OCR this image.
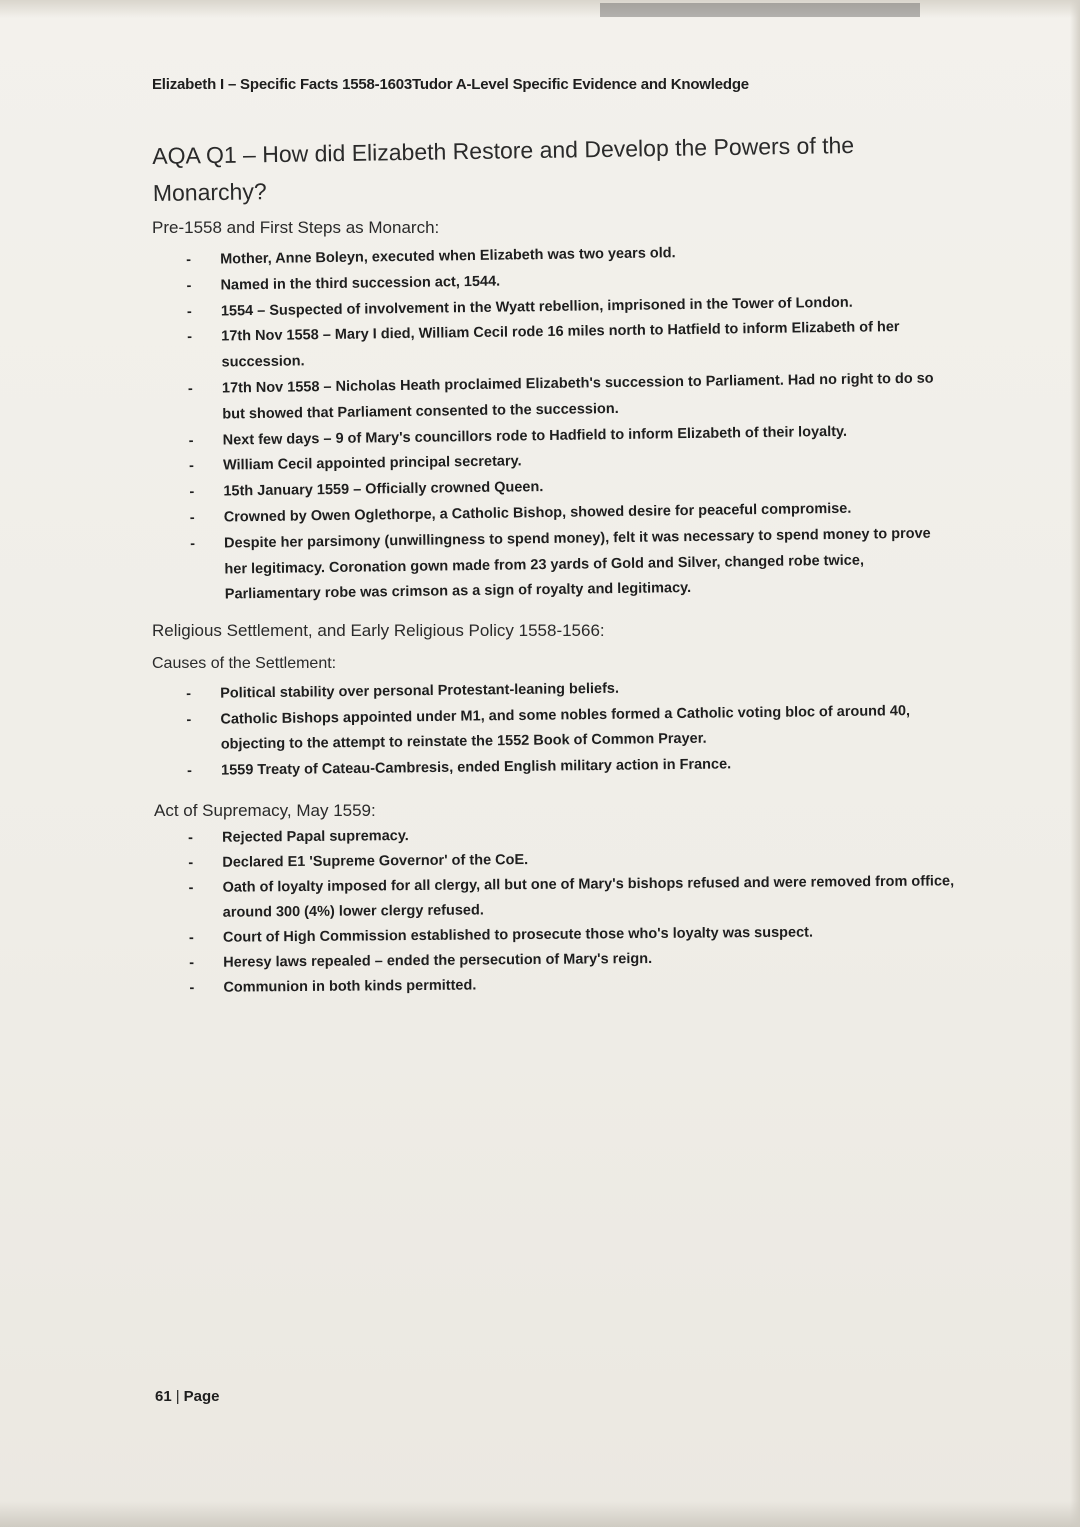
Elizabeth I – Specific Facts 1558-1603Tudor A-Level Specific Evidence and Knowledge
AQA Q1 – How did Elizabeth Restore and Develop the Powers of the Monarchy?
Pre-1558 and First Steps as Monarch:
- Mother, Anne Boleyn, executed when Elizabeth was two years old.
- Named in the third succession act, 1544.
- 1554 – Suspected of involvement in the Wyatt rebellion, imprisoned in the Tower of London.
- 17th Nov 1558 – Mary I died, William Cecil rode 16 miles north to Hatfield to inform Elizabeth of her succession.
- 17th Nov 1558 – Nicholas Heath proclaimed Elizabeth's succession to Parliament. Had no right to do so but showed that Parliament consented to the succession.
- Next few days – 9 of Mary's councillors rode to Hadfield to inform Elizabeth of their loyalty.
- William Cecil appointed principal secretary.
- 15th January 1559 – Officially crowned Queen.
- Crowned by Owen Oglethorpe, a Catholic Bishop, showed desire for peaceful compromise.
- Despite her parsimony (unwillingness to spend money), felt it was necessary to spend money to prove her legitimacy. Coronation gown made from 23 yards of Gold and Silver, changed robe twice, Parliamentary robe was crimson as a sign of royalty and legitimacy.
Religious Settlement, and Early Religious Policy 1558-1566:
Causes of the Settlement:
- Political stability over personal Protestant-leaning beliefs.
- Catholic Bishops appointed under M1, and some nobles formed a Catholic voting bloc of around 40, objecting to the attempt to reinstate the 1552 Book of Common Prayer.
- 1559 Treaty of Cateau-Cambresis, ended English military action in France.
Act of Supremacy, May 1559:
- Rejected Papal supremacy.
- Declared E1 'Supreme Governor' of the CoE.
- Oath of loyalty imposed for all clergy, all but one of Mary's bishops refused and were removed from office, around 300 (4%) lower clergy refused.
- Court of High Commission established to prosecute those who's loyalty was suspect.
- Heresy laws repealed – ended the persecution of Mary's reign.
- Communion in both kinds permitted.
61 | Page
